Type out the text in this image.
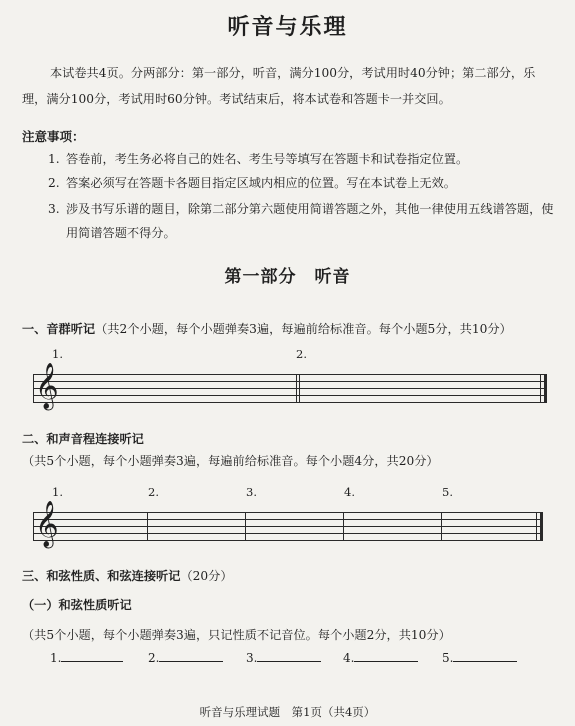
听音与乐理
本试卷共4页。分两部分：第一部分，听音，满分100分，考试用时40分钟；第二部分，乐理，满分100分，考试用时60分钟。考试结束后，将本试卷和答题卡一并交回。
注意事项：
1. 答卷前，考生务必将自己的姓名、考生号等填写在答题卡和试卷指定位置。
2. 答案必须写在答题卡各题目指定区域内相应的位置。写在本试卷上无效。
3. 涉及书写乐谱的题目，除第二部分第六题使用简谱答题之外，其他一律使用五线谱答题，使用简谱答题不得分。
第一部分　听音
一、音群听记（共2个小题，每个小题弹奏3遍，每遍前给标准音。每个小题5分，共10分）
1.	2.
𝄞
二、和声音程连接听记（共5个小题，每个小题弹奏3遍，每遍前给标准音。每个小题4分，共20分）
1.	2.	3.	4.	5.
𝄞
三、和弦性质、和弦连接听记（20分）
（一）和弦性质听记（共5个小题，每个小题弹奏3遍，只记性质不记音位。每个小题2分，共10分）
1.	2.	3.	4.	5.
听音与乐理试题　第1页（共4页）
